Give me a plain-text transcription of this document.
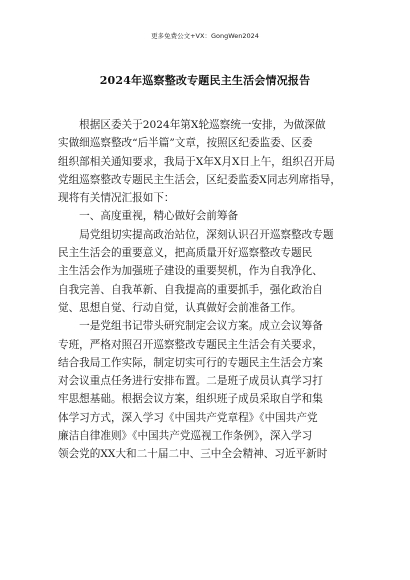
更多免费公文+VX：GongWen2024
2024年巡察整改专题民主生活会情况报告
　　根据区委关于2024年第X轮巡察统一安排，为做深做
实做细巡察整改“后半篇”文章，按照区纪委监委、区委
组织部相关通知要求，我局于X年X月X日上午，组织召开局
党组巡察整改专题民主生活会，区纪委监委X同志列席指导，
现将有关情况汇报如下：
　　一、高度重视，精心做好会前筹备
　　局党组切实提高政治站位，深刻认识召开巡察整改专题
民主生活会的重要意义，把高质量开好巡察整改专题民
主生活会作为加强班子建设的重要契机，作为自我净化、
自我完善、自我革新、自我提高的重要抓手，强化政治自
觉、思想自觉、行动自觉，认真做好会前准备工作。
　　一是党组书记带头研究制定会议方案。成立会议筹备
专班，严格对照召开巡察整改专题民主生活会有关要求，
结合我局工作实际，制定切实可行的专题民主生活会方案
对会议重点任务进行安排布置。二是班子成员认真学习打
牢思想基础。根据会议方案，组织班子成员采取自学和集
体学习方式，深入学习《中国共产党章程》《中国共产党
廉洁自律准则》《中国共产党巡视工作条例》，深入学习
领会党的XX大和二十届二中、三中全会精神、习近平新时
